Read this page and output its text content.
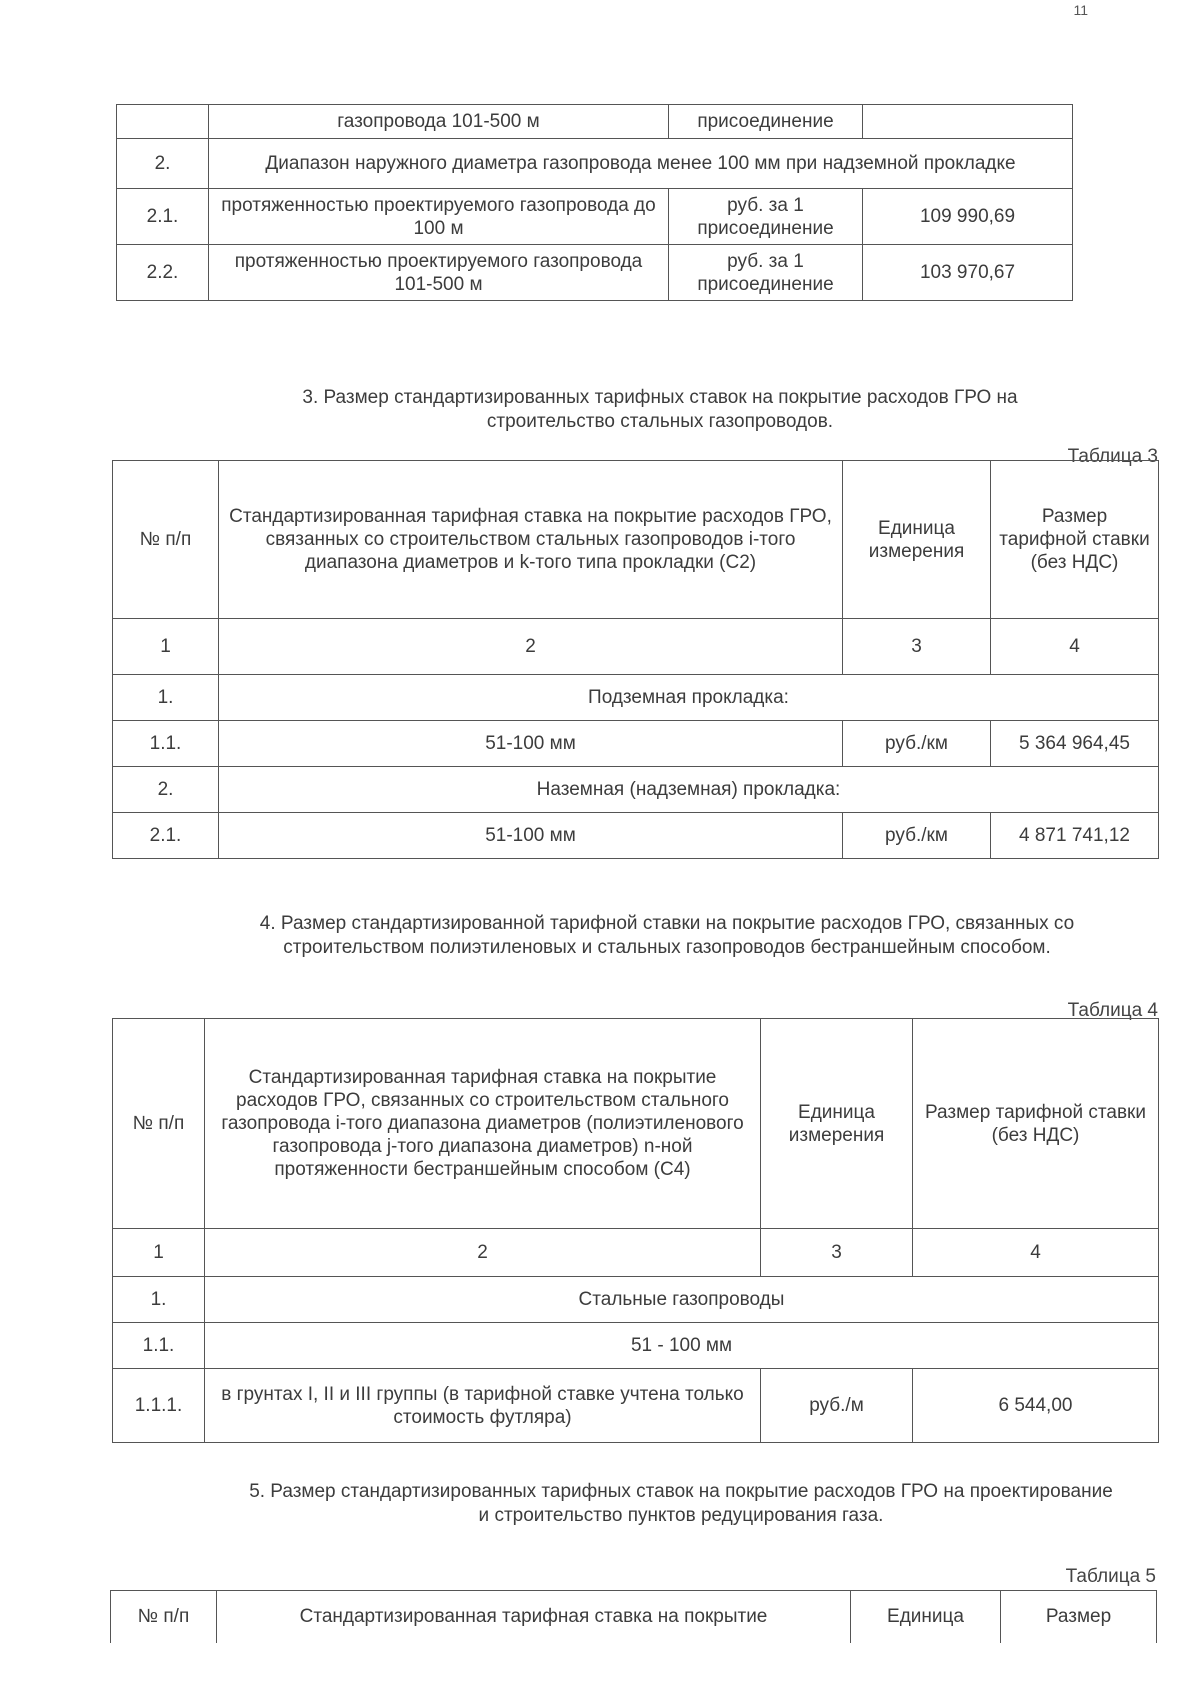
11
	газопровода 101-500 м	присоединение	
2.	Диапазон наружного диаметра газопровода менее 100 мм при надземной прокладке		
2.1.	протяженностью проектируемого газопровода до 100 м	руб. за 1 присоединение	109 990,69
2.2.	протяженностью проектируемого газопровода 101-500 м	руб. за 1 присоединение	103 970,67
3. Размер стандартизированных тарифных ставок на покрытие расходов ГРО на строительство стальных газопроводов.
Таблица 3
№ п/п	Стандартизированная тарифная ставка на покрытие расходов ГРО, связанных со строительством стальных газопроводов i-того диапазона диаметров и k-того типа прокладки (С2)	Единица измерения	Размер тарифной ставки (без НДС)
1	2	3	4
1.	Подземная прокладка:		
1.1.	51-100 мм	руб./км	5 364 964,45
2.	Наземная (надземная) прокладка:		
2.1.	51-100 мм	руб./км	4 871 741,12
4. Размер стандартизированной тарифной ставки на покрытие расходов ГРО, связанных со строительством полиэтиленовых и стальных газопроводов бестраншейным способом.
Таблица 4
№ п/п	Стандартизированная тарифная ставка на покрытие расходов ГРО, связанных со строительством стального газопровода i-того диапазона диаметров (полиэтиленового газопровода j-того диапазона диаметров) n-ной протяженности бестраншейным способом (С4)	Единица измерения	Размер тарифной ставки (без НДС)
1	2	3	4
1.	Стальные газопроводы		
1.1.	51 - 100 мм		
1.1.1.	в грунтах I, II и III группы (в тарифной ставке учтена только стоимость футляра)	руб./м	6 544,00
5. Размер стандартизированных тарифных ставок на покрытие расходов ГРО на проектирование и строительство пунктов редуцирования газа.
Таблица 5
№ п/п	Стандартизированная тарифная ставка на покрытие	Единица	Размер
